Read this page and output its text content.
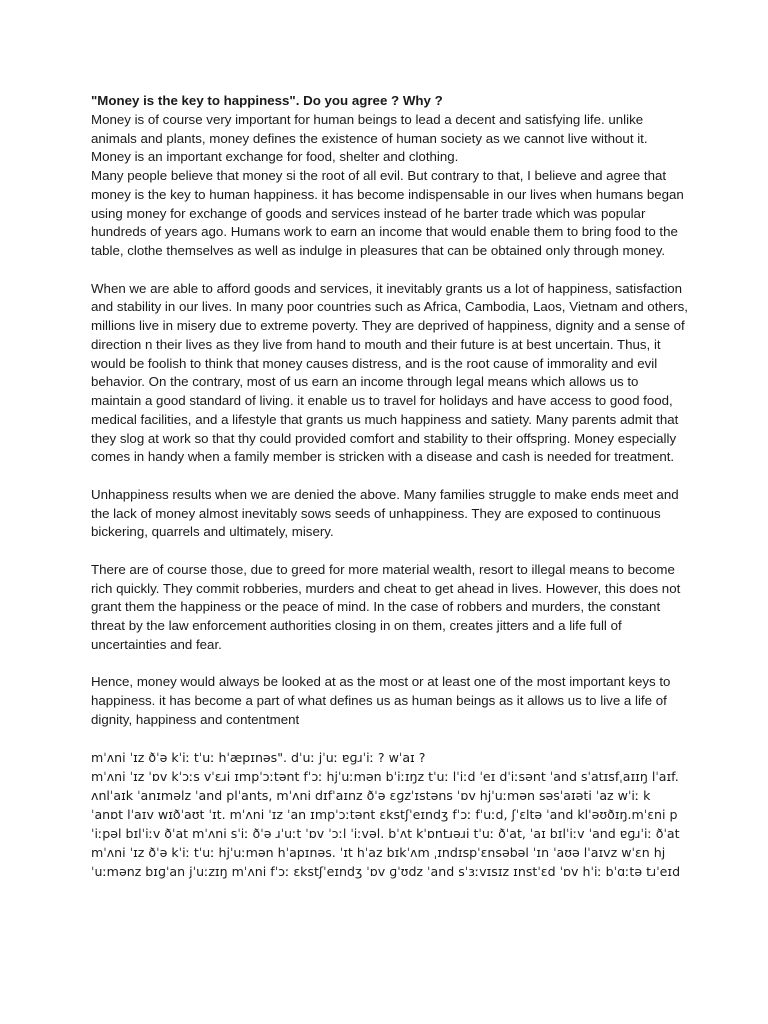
"Money is the key to happiness". Do you agree ? Why ?

Money is of course very important for human beings to lead a decent and satisfying life. unlike animals and plants, money defines the existence of human society as we cannot live without it. Money is an important exchange for food, shelter and clothing.

Many people believe that money si the root of all evil. But contrary to that, I believe and agree that money is the key to human happiness. it has become indispensable in our lives when humans began using money for exchange of goods and services instead of he barter trade which was popular hundreds of years ago. Humans work to earn an income that would enable them to bring food to the table, clothe themselves as well as indulge in pleasures that can be obtained only through money.

When we are able to afford goods and services, it inevitably grants us a lot of happiness, satisfaction and stability in our lives. In many poor countries such as Africa, Cambodia, Laos, Vietnam and others, millions live in misery due to extreme poverty. They are deprived of happiness, dignity and a sense of direction n their lives as they live from hand to mouth and their future is at best uncertain. Thus, it would be foolish to think that money causes distress, and is the root cause of immorality and evil behavior. On the contrary, most of us earn an income through legal means which allows us to maintain a good standard of living. it enable us to travel for holidays and have access to good food, medical facilities, and a lifestyle that grants us much happiness and satiety. Many parents admit that they slog at work so that thy could provided comfort and stability to their offspring. Money especially comes in handy when a family member is stricken with a disease and cash is needed for treatment.

Unhappiness results when we are denied the above. Many families struggle to make ends meet and the lack of money almost inevitably sows seeds of unhappiness. They are exposed to continuous bickering, quarrels and ultimately, misery.

There are of course those, due to greed for more material wealth, resort to illegal means to become rich quickly. They commit robberies, murders and cheat to get ahead in lives. However, this does not grant them the happiness or the peace of mind. In the case of robbers and murders, the constant threat by the law enforcement authorities closing in on them, creates jitters and a life full of uncertainties and fear.

Hence, money would always be looked at as the most or at least one of the most important keys to happiness. it has become a part of what defines us as human beings as it allows us to live a life of dignity, happiness and contentment

mˈʌni ˈɪz ðˈə kˈiː tˈuː hˈæpɪnəs". dˈuː jˈuː ɐɡɹˈiː ? wˈaɪ ?
mˈʌni ˈɪz ˈɒv kˈɔːs vˈɛɹi ɪmpˈɔːtənt fˈɔː hjˈuːmən bˈiːɪŋz tˈuː lˈiːd ˈeɪ dˈiːsənt ˈand sˈatɪsfˌaɪɪŋ lˈaɪf.
ʌnlˈaɪk ˈanɪməlz ˈand plˈants, mˈʌni dɪfˈaɪnz ðˈə ɛɡzˈɪstəns ˈɒv hjˈuːmən səsˈaɪəti ˈaz wˈiː k
ˈanɒt lˈaɪv wɪðˈaʊt ˈɪt. mˈʌni ˈɪz ˈan ɪmpˈɔːtənt ɛkstʃˈeɪndʒ fˈɔː fˈuːd, ʃˈɛltə ˈand klˈəʊðɪŋ.mˈɛni p
ˈiːpəl bɪlˈiːv ðˈat mˈʌni sˈiː ðˈə ɹˈuːt ˈɒv ˈɔːl ˈiːvəl. bˈʌt kˈɒntɹəɹi tˈuː ðˈat, ˈaɪ bɪlˈiːv ˈand ɐɡɹˈiː ðˈat
mˈʌni ˈɪz ðˈə kˈiː tˈuː hjˈuːmən hˈapɪnəs. ˈɪt hˈaz bɪkˈʌm ˌɪndɪspˈɛnsəbəl ˈɪn ˈaʊə lˈaɪvz wˈɛn hj
ˈuːmənz bɪɡˈan jˈuːzɪŋ mˈʌni fˈɔː ɛkstʃˈeɪndʒ ˈɒv ɡˈʊdz ˈand sˈɜːvɪsɪz ɪnstˈɛd ˈɒv hˈiː bˈɑːtə tɹˈeɪd
